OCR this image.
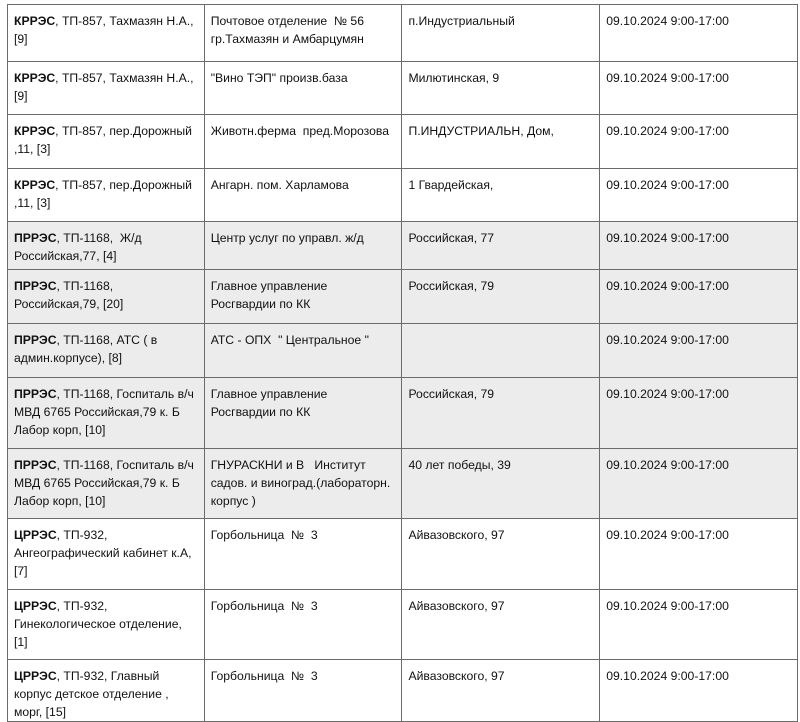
КРРЭС, ТП-857, Тахмазян Н.А., [9]	Почтовое отделение  № 56 гр.Тахмазян и Амбарцумян	п.Индустриальный	09.10.2024 9:00-17:00
КРРЭС, ТП-857, Тахмазян Н.А., [9]	"Вино ТЭП" произв.база	Милютинская, 9	09.10.2024 9:00-17:00
КРРЭС, ТП-857, пер.Дорожный ,11, [3]	Животн.ферма  пред.Морозова	П.ИНДУСТРИАЛЬН, Дом,	09.10.2024 9:00-17:00
КРРЭС, ТП-857, пер.Дорожный ,11, [3]	Ангарн. пом. Харламова	1 Гвардейская,	09.10.2024 9:00-17:00
ПРРЭС, ТП-1168,  Ж/д Российская,77, [4]	Центр услуг по управл. ж/д	Российская, 77	09.10.2024 9:00-17:00
ПРРЭС, ТП-1168,  Российская,79, [20]	Главное управление Росгвардии по КК	Российская, 79	09.10.2024 9:00-17:00
ПРРЭС, ТП-1168, АТС ( в админ.корпусе), [8]	АТС - ОПХ  " Центральное "		09.10.2024 9:00-17:00
ПРРЭС, ТП-1168, Госпиталь в/ч МВД 6765 Российская,79 к. Б Лабор корп, [10]	Главное управление Росгвардии по КК	Российская, 79	09.10.2024 9:00-17:00
ПРРЭС, ТП-1168, Госпиталь в/ч МВД 6765 Российская,79 к. Б Лабор корп, [10]	ГНУРАСКНИ и В   Институт садов. и виноград.(лабораторн. корпус )	40 лет победы, 39	09.10.2024 9:00-17:00
ЦРРЭС, ТП-932, Ангеографический кабинет к.А, [7]	Горбольница  №  3	Айвазовского, 97	09.10.2024 9:00-17:00
ЦРРЭС, ТП-932, Гинекологическое отделение, [1]	Горбольница  №  3	Айвазовского, 97	09.10.2024 9:00-17:00
ЦРРЭС, ТП-932, Главный корпус детское отделение , морг, [15]	Горбольница  №  3	Айвазовского, 97	09.10.2024 9:00-17:00
